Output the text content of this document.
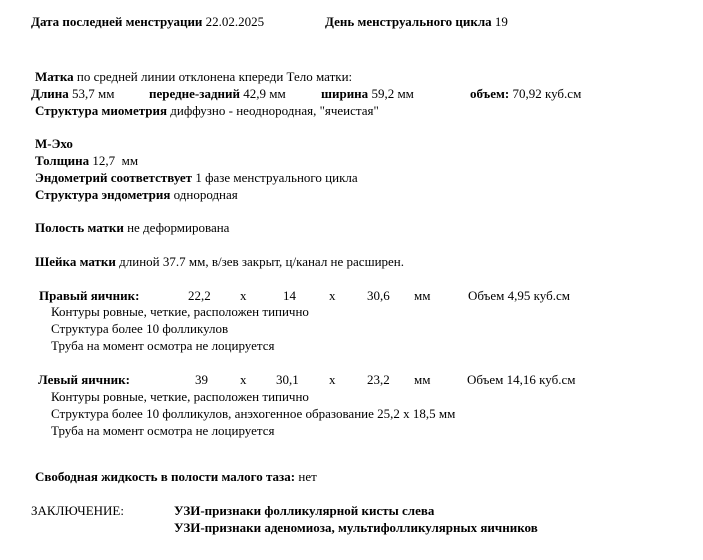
Дата последней менструации 22.02.2025	День менструального цикла 19
Матка по средней линии отклонена кпереди Тело матки:
Длина 53,7 мм	передне-задний 42,9 мм	ширина 59,2 мм	объем: 70,92 куб.см
Структура миометрия диффузно - неоднородная, "ячеистая"
М-Эхо
Толщина 12,7  мм
Эндометрий соответствует 1 фазе менструального цикла
Структура эндометрия однородная
Полость матки не деформирована
Шейка матки длиной 37.7 мм, в/зев закрыт, ц/канал не расширен.
Правый яичник:	22,2 x	14	x 30,6 мм	Объем 4,95 куб.см
Контуры ровные, четкие, расположен типично
Структура более 10 фолликулов
Труба на момент осмотра не лоцируется
Левый яичник:	39 x 30,1 x 23,2 мм	Объем 14,16 куб.см
Контуры ровные, четкие, расположен типично
Структура более 10 фолликулов, анэхогенное образование 25,2 х 18,5 мм
Труба на момент осмотра не лоцируется
Свободная жидкость в полости малого таза: нет
ЗАКЛЮЧЕНИЕ:	УЗИ-признаки фолликулярной кисты слева
УЗИ-признаки аденомиоза, мультифолликулярных яичников
